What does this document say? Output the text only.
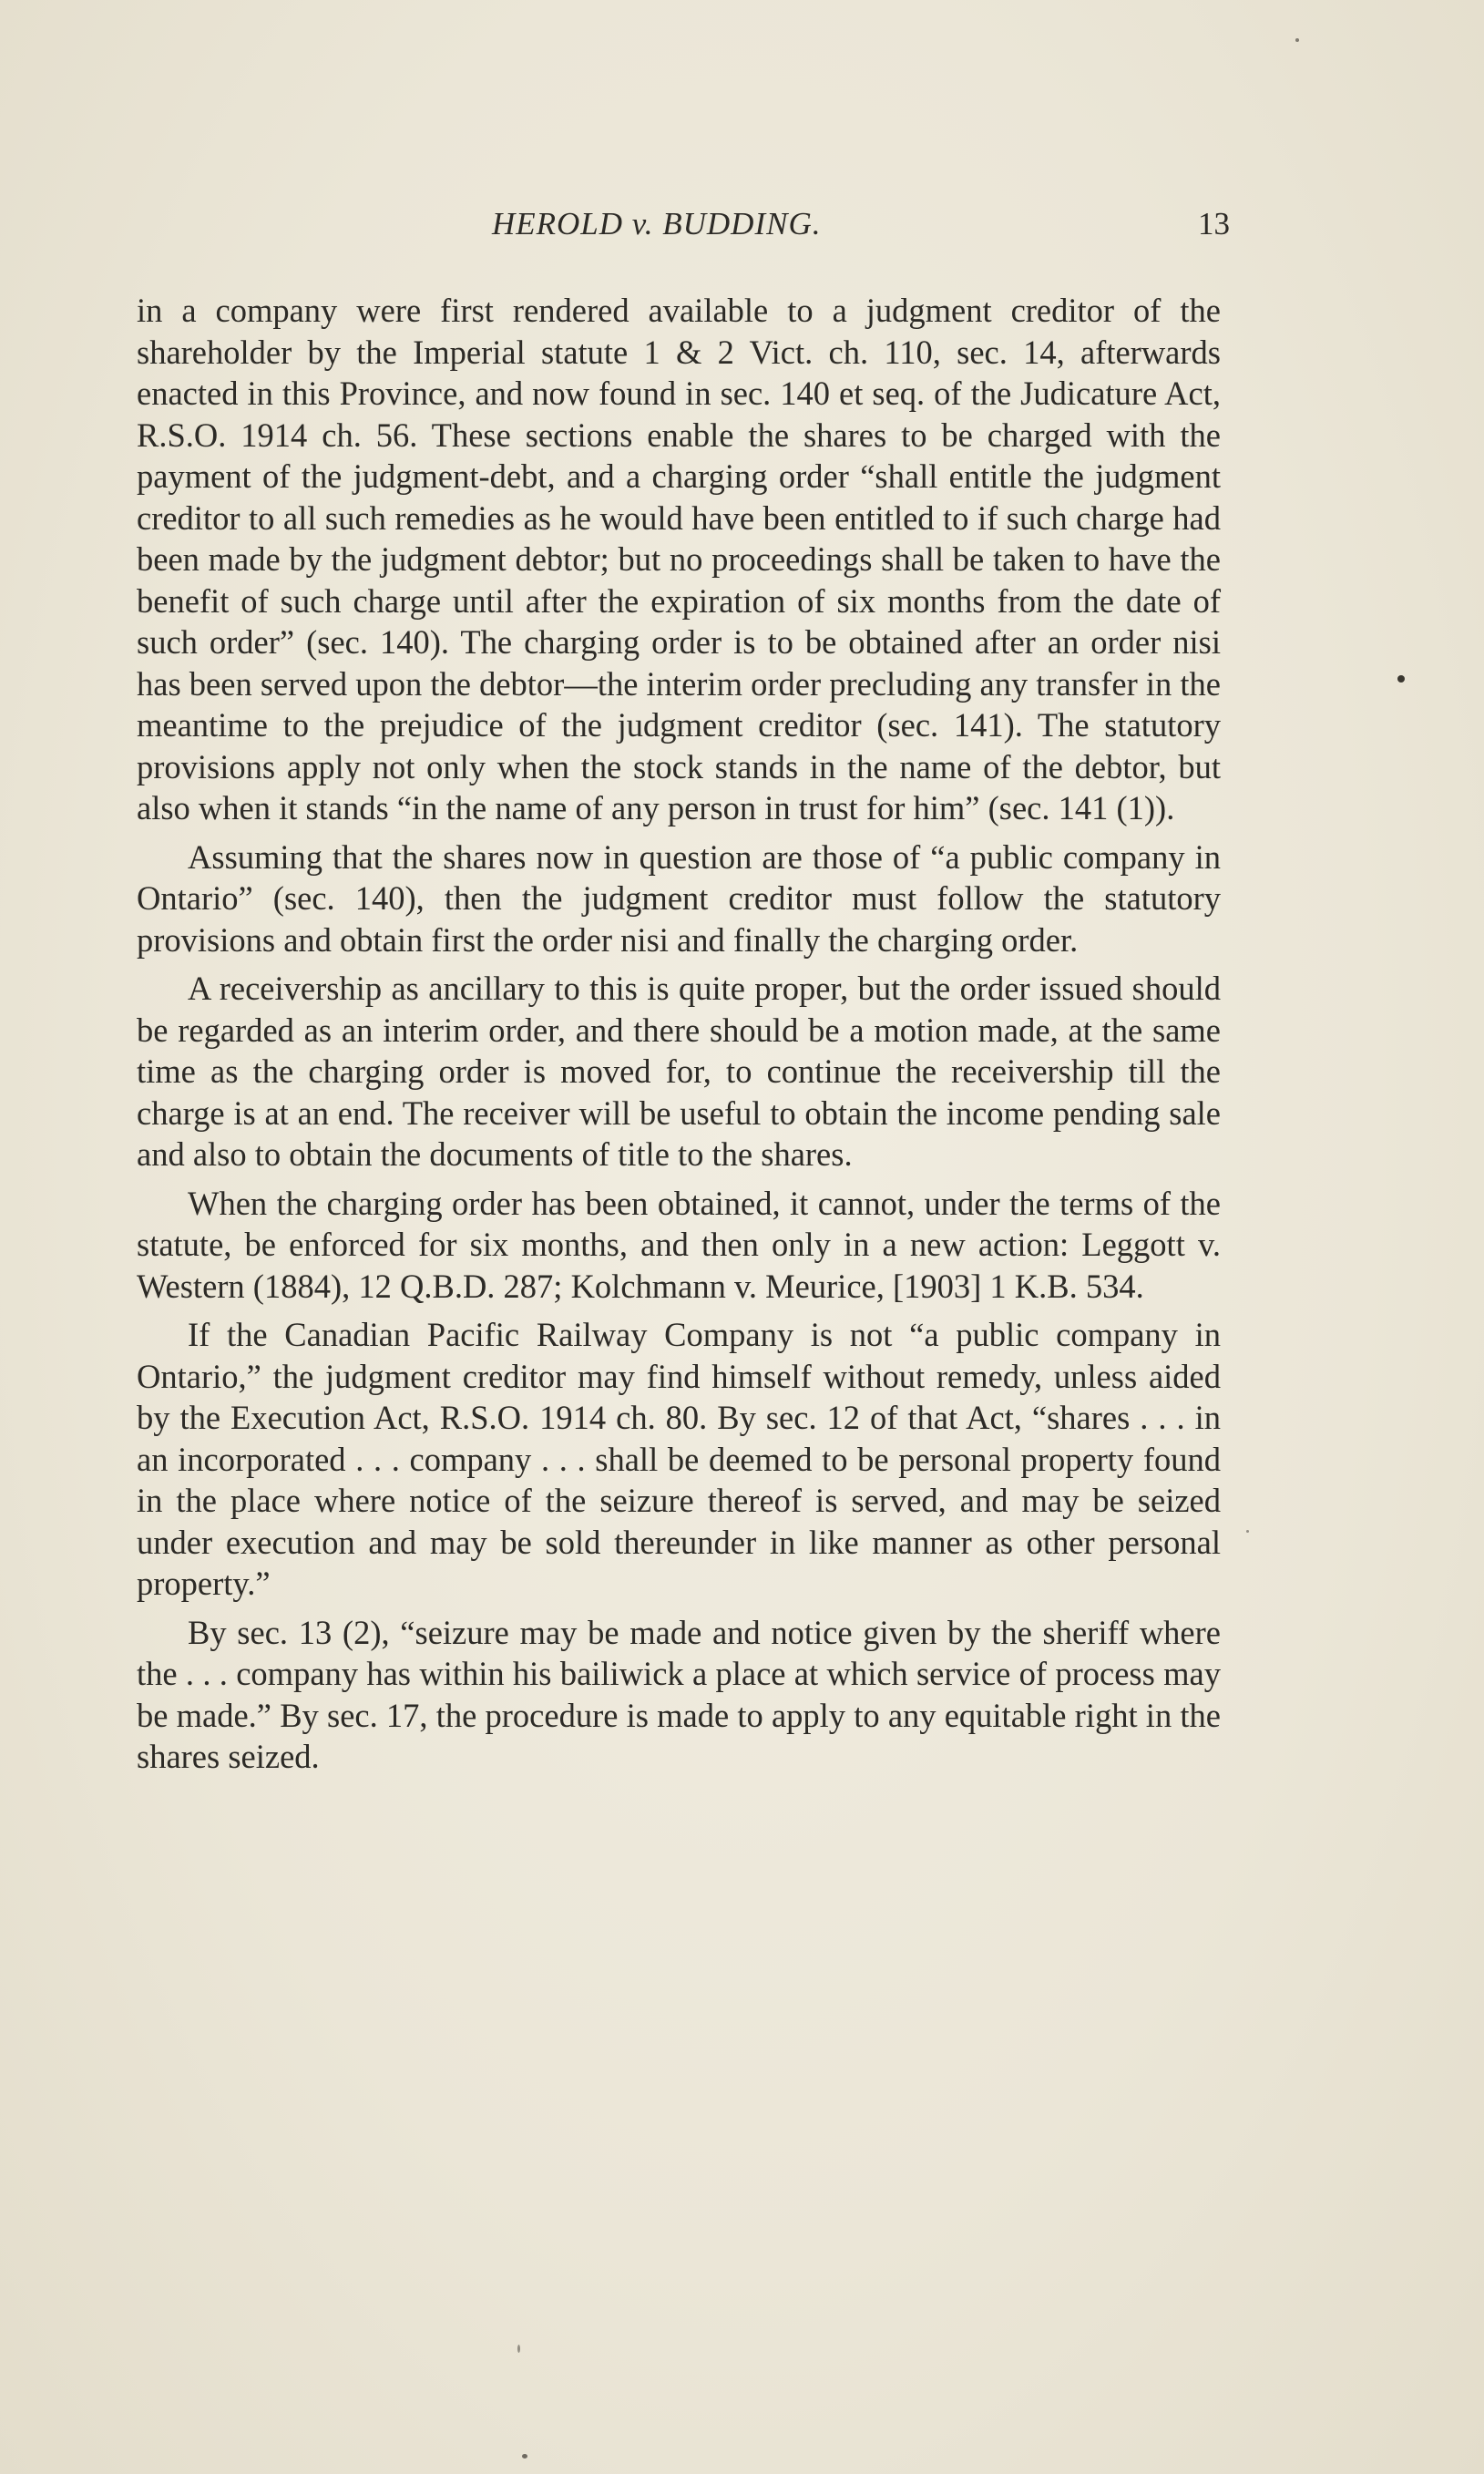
HEROLD v. BUDDING.	13

in a company were first rendered available to a judgment creditor of the shareholder by the Imperial statute 1 & 2 Vict. ch. 110, sec. 14, afterwards enacted in this Province, and now found in sec. 140 et seq. of the Judicature Act, R.S.O. 1914 ch. 56. These sections enable the shares to be charged with the payment of the judgment-debt, and a charging order “shall entitle the judgment creditor to all such remedies as he would have been entitled to if such charge had been made by the judgment debtor; but no proceedings shall be taken to have the benefit of such charge until after the expiration of six months from the date of such order” (sec. 140). The charging order is to be obtained after an order nisi has been served upon the debtor—the interim order precluding any transfer in the meantime to the prejudice of the judgment creditor (sec. 141). The statutory provisions apply not only when the stock stands in the name of the debtor, but also when it stands “in the name of any person in trust for him” (sec. 141 (1)).

Assuming that the shares now in question are those of “a public company in Ontario” (sec. 140), then the judgment creditor must follow the statutory provisions and obtain first the order nisi and finally the charging order.

A receivership as ancillary to this is quite proper, but the order issued should be regarded as an interim order, and there should be a motion made, at the same time as the charging order is moved for, to continue the receivership till the charge is at an end. The receiver will be useful to obtain the income pending sale and also to obtain the documents of title to the shares.

When the charging order has been obtained, it cannot, under the terms of the statute, be enforced for six months, and then only in a new action: Leggott v. Western (1884), 12 Q.B.D. 287; Kolchmann v. Meurice, [1903] 1 K.B. 534.

If the Canadian Pacific Railway Company is not “a public company in Ontario,” the judgment creditor may find himself without remedy, unless aided by the Execution Act, R.S.O. 1914 ch. 80. By sec. 12 of that Act, “shares . . . in an incorporated . . . company . . . shall be deemed to be personal property found in the place where notice of the seizure thereof is served, and may be seized under execution and may be sold thereunder in like manner as other personal property.”

By sec. 13 (2), “seizure may be made and notice given by the sheriff where the . . . company has within his bailiwick a place at which service of process may be made.” By sec. 17, the procedure is made to apply to any equitable right in the shares seized.
